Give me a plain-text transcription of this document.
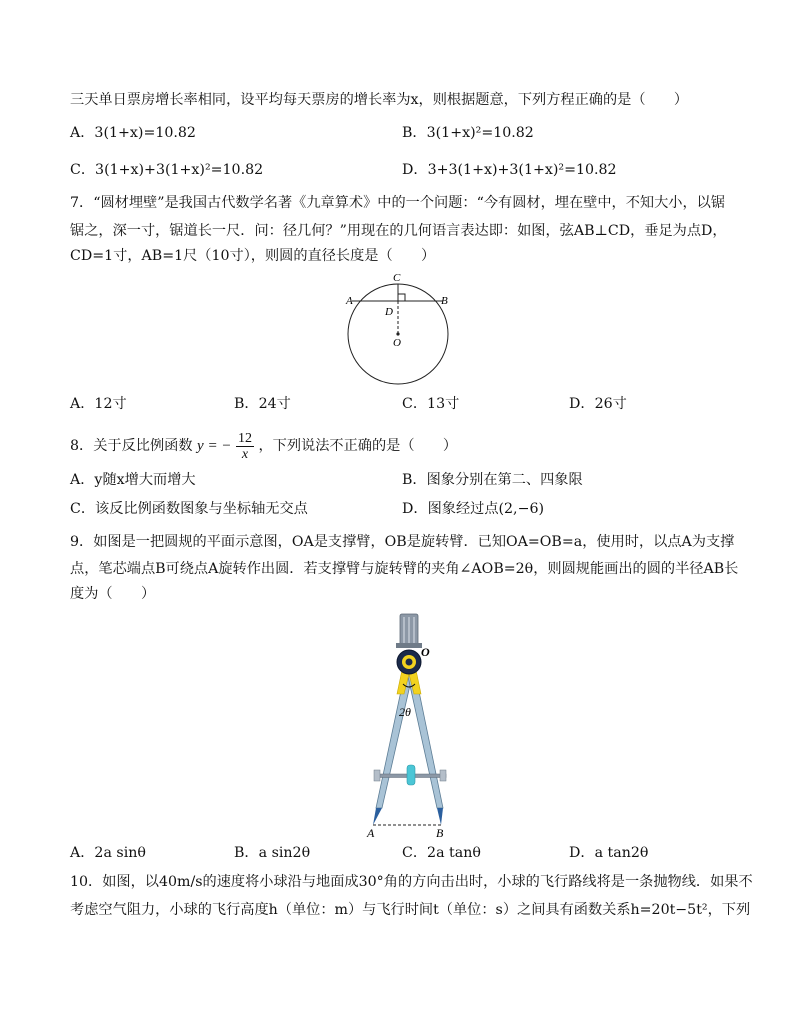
三天单日票房增长率相同，设平均每天票房的增长率为x，则根据题意，下列方程正确的是（　　）
A．3(1+x)=10.82	B．3(1+x)²=10.82
C．3(1+x)+3(1+x)²=10.82	D．3+3(1+x)+3(1+x)²=10.82
7．“圆材埋壁”是我国古代数学名著《九章算术》中的一个问题：“今有圆材，埋在壁中，不知大小，以锯
锯之，深一寸，锯道长一尺．问：径几何？”用现在的几何语言表达即：如图，弦AB⊥CD，垂足为点D，
CD=1寸，AB=1尺（10寸），则圆的直径长度是（　　）
C
A	B
D
O
A．12寸	B．24寸	C．13寸	D．26寸
8．关于反比例函数 y = − $\frac{12}{x}$ ，下列说法不正确的是（　　）
A．y随x增大而增大	B．图象分别在第二、四象限
C．该反比例函数图象与坐标轴无交点	D．图象经过点(2,−6)
9．如图是一把圆规的平面示意图，OA是支撑臂，OB是旋转臂．已知OA=OB=a，使用时，以点A为支撑
点，笔芯端点B可绕点A旋转作出圆．若支撑臂与旋转臂的夹角∠AOB=2θ，则圆规能画出的圆的半径AB长
度为（　　）
2θ
O
A	B
A．2a sinθ	B．a sin2θ	C．2a tanθ	D．a tan2θ
10．如图，以40m/s的速度将小球沿与地面成30°角的方向击出时，小球的飞行路线将是一条抛物线．如果不
考虑空气阻力，小球的飞行高度h（单位：m）与飞行时间t（单位：s）之间具有函数关系h=20t−5t²，下列
